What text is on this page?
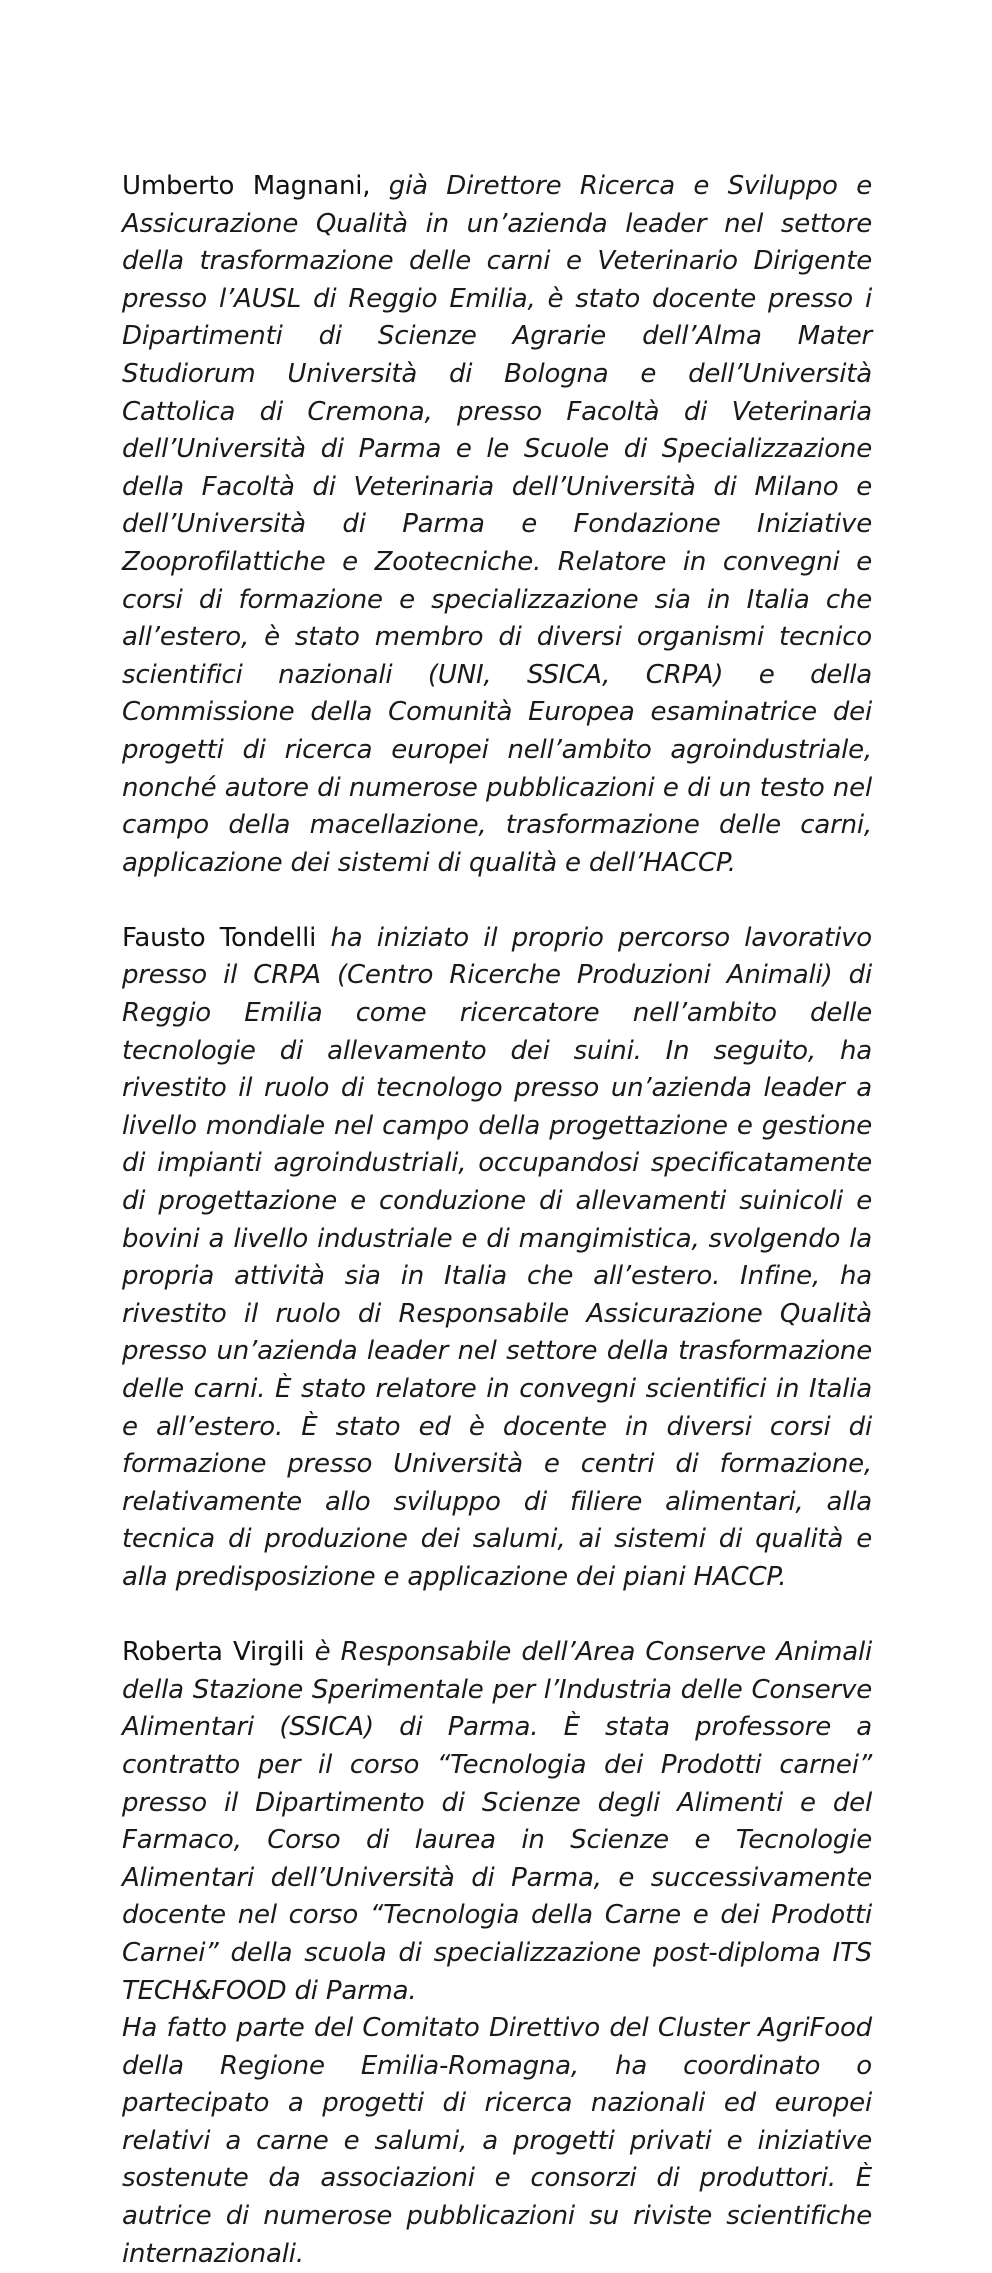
Umberto Magnani, già Direttore Ricerca e Sviluppo e Assicurazione Qualità in un’azienda leader nel settore della trasformazione delle carni e Veterinario Dirigente presso l’AUSL di Reggio Emilia, è stato docente presso i Dipartimenti di Scienze Agrarie dell’Alma Mater Studiorum Università di Bologna e dell’Università Cattolica di Cremona, presso Facoltà di Veterinaria dell’Università di Parma e le Scuole di Specializzazione della Facoltà di Veterinaria dell’Università di Milano e dell’Università di Parma e Fondazione Iniziative Zooprofilattiche e Zootecniche. Relatore in convegni e corsi di formazione e specializzazione sia in Italia che all’estero, è stato membro di diversi organismi tecnico scientifici nazionali (UNI, SSICA, CRPA) e della Commissione della Comunità Europea esaminatrice dei progetti di ricerca europei nell’ambito agroindustriale, nonché autore di numerose pubblicazioni e di un testo nel campo della macellazione, trasformazione delle carni, applicazione dei sistemi di qualità e dell’HACCP.

Fausto Tondelli ha iniziato il proprio percorso lavorativo presso il CRPA (Centro Ricerche Produzioni Animali) di Reggio Emilia come ricercatore nell’ambito delle tecnologie di allevamento dei suini. In seguito, ha rivestito il ruolo di tecnologo presso un’azienda leader a livello mondiale nel campo della progettazione e gestione di impianti agroindustriali, occupandosi specificatamente di progettazione e conduzione di allevamenti suinicoli e bovini a livello industriale e di mangimistica, svolgendo la propria attività sia in Italia che all’estero. Infine, ha rivestito il ruolo di Responsabile Assicurazione Qualità presso un’azienda leader nel settore della trasformazione delle carni. È stato relatore in convegni scientifici in Italia e all’estero. È stato ed è docente in diversi corsi di formazione presso Università e centri di formazione, relativamente allo sviluppo di filiere alimentari, alla tecnica di produzione dei salumi, ai sistemi di qualità e alla predisposizione e applicazione dei piani HACCP.

Roberta Virgili è Responsabile dell’Area Conserve Animali della Stazione Sperimentale per l’Industria delle Conserve Alimentari (SSICA) di Parma. È stata professore a contratto per il corso “Tecnologia dei Prodotti carnei” presso il Dipartimento di Scienze degli Alimenti e del Farmaco, Corso di laurea in Scienze e Tecnologie Alimentari dell’Università di Parma, e successivamente docente nel corso “Tecnologia della Carne e dei Prodotti Carnei” della scuola di specializzazione post-diploma ITS TECH&FOOD di Parma.
Ha fatto parte del Comitato Direttivo del Cluster AgriFood della Regione Emilia-Romagna, ha coordinato o partecipato a progetti di ricerca nazionali ed europei relativi a carne e salumi, a progetti privati e iniziative sostenute da associazioni e consorzi di produttori. È autrice di numerose pubblicazioni su riviste scientifiche internazionali.
